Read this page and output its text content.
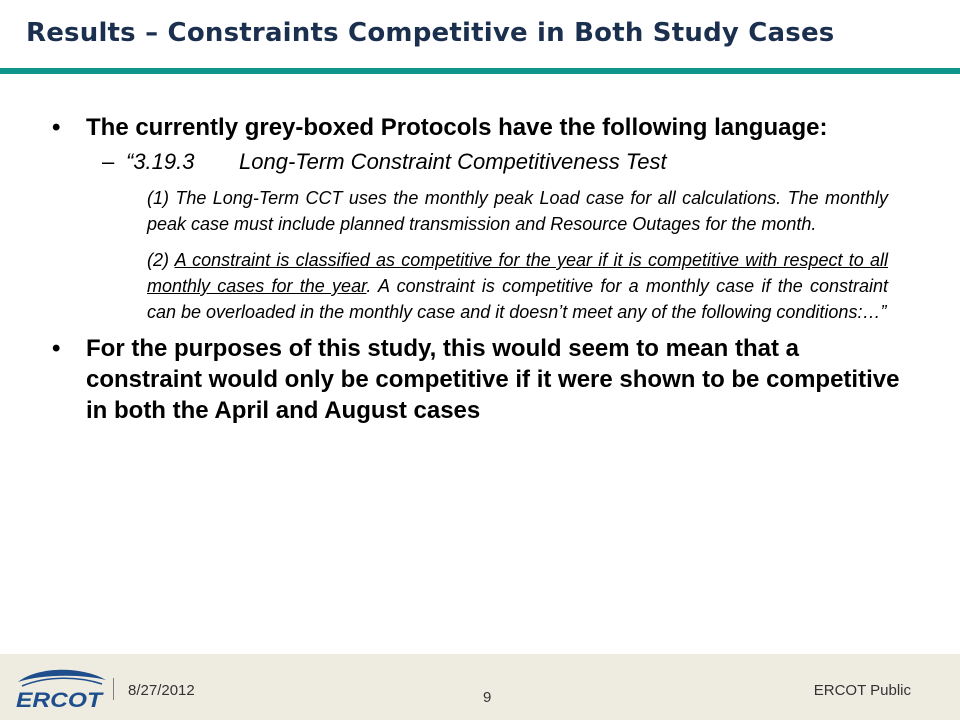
Results – Constraints Competitive in Both Study Cases
• The currently grey-boxed Protocols have the following language:
– “3.19.3 Long-Term Constraint Competitiveness Test
(1) The Long-Term CCT uses the monthly peak Load case for all calculations. The monthly peak case must include planned transmission and Resource Outages for the month.
(2) A constraint is classified as competitive for the year if it is competitive with respect to all monthly cases for the year. A constraint is competitive for a monthly case if the constraint can be overloaded in the monthly case and it doesn’t meet any of the following conditions:…”
• For the purposes of this study, this would seem to mean that a constraint would only be competitive if it were shown to be competitive in both the April and August cases
ERCOT 8/27/2012	9	ERCOT Public
